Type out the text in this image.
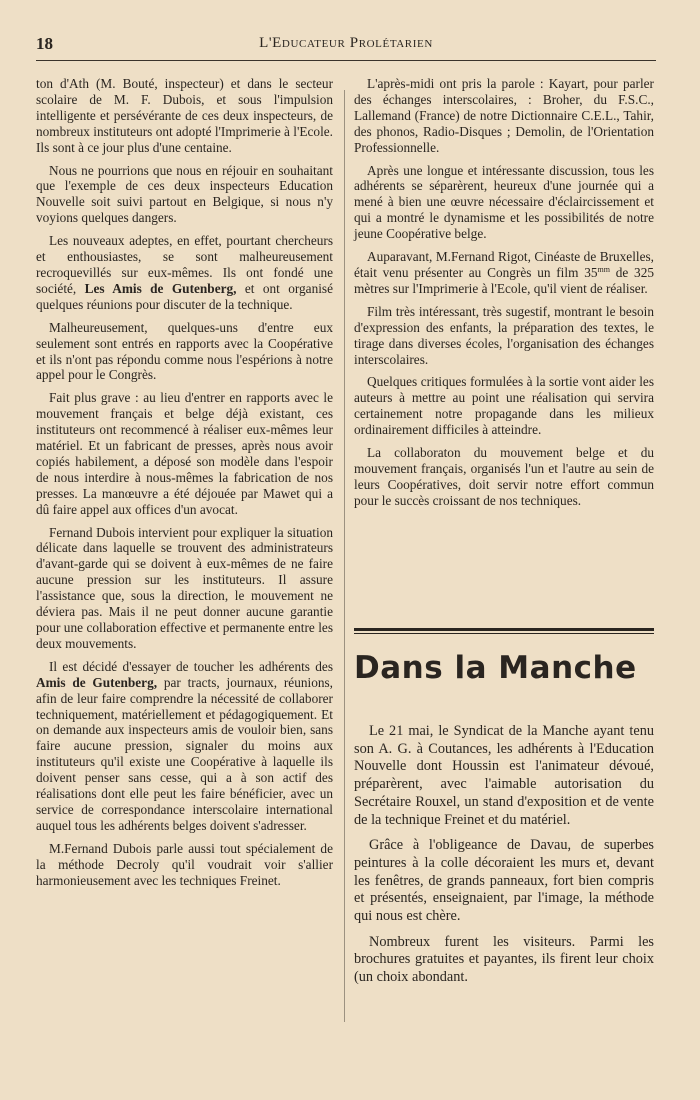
18	L'Educateur Prolétarien

ton d'Ath (M. Bouté, inspecteur) et dans le secteur scolaire de M. F. Dubois, et sous l'impulsion intelligente et persévérante de ces deux inspecteurs, de nombreux instituteurs ont adopté l'Imprimerie à l'Ecole. Ils sont à ce jour plus d'une centaine.

Nous ne pourrions que nous en réjouir en souhaitant que l'exemple de ces deux inspecteurs Education Nouvelle soit suivi partout en Belgique, si nous n'y voyions quelques dangers.

Les nouveaux adeptes, en effet, pourtant chercheurs et enthousiastes, se sont malheureusement recroquevillés sur eux-mêmes. Ils ont fondé une société, Les Amis de Gutenberg, et ont organisé quelques réunions pour discuter de la technique.

Malheureusement, quelques-uns d'entre eux seulement sont entrés en rapports avec la Coopérative et ils n'ont pas répondu comme nous l'espérions à notre appel pour le Congrès.

Fait plus grave : au lieu d'entrer en rapports avec le mouvement français et belge déjà existant, ces instituteurs ont recommencé à réaliser eux-mêmes leur matériel. Et un fabricant de presses, après nous avoir copiés habilement, a déposé son modèle dans l'espoir de nous interdire à nous-mêmes la fabrication de nos presses. La manœuvre a été déjouée par Mawet qui a dû faire appel aux offices d'un avocat.

Fernand Dubois intervient pour expliquer la situation délicate dans laquelle se trouvent des administrateurs d'avant-garde qui se doivent à eux-mêmes de ne faire aucune pression sur les instituteurs. Il assure l'assistance que, sous la direction, le mouvement ne déviera pas. Mais il ne peut donner aucune garantie pour une collaboration effective et permanente entre les deux mouvements.

Il est décidé d'essayer de toucher les adhérents des Amis de Gutenberg, par tracts, journaux, réunions, afin de leur faire comprendre la nécessité de collaborer techniquement, matériellement et pédagogiquement. Et on demande aux inspecteurs amis de vouloir bien, sans faire aucune pression, signaler du moins aux instituteurs qu'il existe une Coopérative à laquelle ils doivent penser sans cesse, qui a à son actif des réalisations dont elle peut les faire bénéficier, avec un service de correspondance interscolaire international auquel tous les adhérents belges doivent s'adresser.

M.Fernand Dubois parle aussi tout spécialement de la méthode Decroly qu'il voudrait voir s'allier harmonieusement avec les techniques Freinet.

L'après-midi ont pris la parole : Kayart, pour parler des échanges interscolaires, : Broher, du F.S.C., Lallemand (France) de notre Dictionnaire C.E.L., Tahir, des phonos, Radio-Disques ; Demolin, de l'Orientation Professionnelle.

Après une longue et intéressante discussion, tous les adhérents se séparèrent, heureux d'une journée qui a mené à bien une œuvre nécessaire d'éclaircissement et qui a montré le dynamisme et les possibilités de notre jeune Coopérative belge.

Auparavant, M.Fernand Rigot, Cinéaste de Bruxelles, était venu présenter au Congrès un film $35^{mm}$ de 325 mètres sur l'Imprimerie à l'Ecole, qu'il vient de réaliser.

Film très intéressant, très sugestif, montrant le besoin d'expression des enfants, la préparation des textes, le tirage dans diverses écoles, l'organisation des échanges interscolaires.

Quelques critiques formulées à la sortie vont aider les auteurs à mettre au point une réalisation qui servira certainement notre propagande dans les milieux ordinairement difficiles à atteindre.

La collaboraton du mouvement belge et du mouvement français, organisés l'un et l'autre au sein de leurs Coopératives, doit servir notre effort commun pour le succès croissant de nos techniques.

Dans la Manche

Le 21 mai, le Syndicat de la Manche ayant tenu son A. G. à Coutances, les adhérents à l'Education Nouvelle dont Houssin est l'animateur dévoué, préparèrent, avec l'aimable autorisation du Secrétaire Rouxel, un stand d'exposition et de vente de la technique Freinet et du matériel.

Grâce à l'obligeance de Davau, de superbes peintures à la colle décoraient les murs et, devant les fenêtres, de grands panneaux, fort bien compris et présentés, enseignaient, par l'image, la méthode qui nous est chère.

Nombreux furent les visiteurs. Parmi les brochures gratuites et payantes, ils firent leur choix (un choix abondant.
